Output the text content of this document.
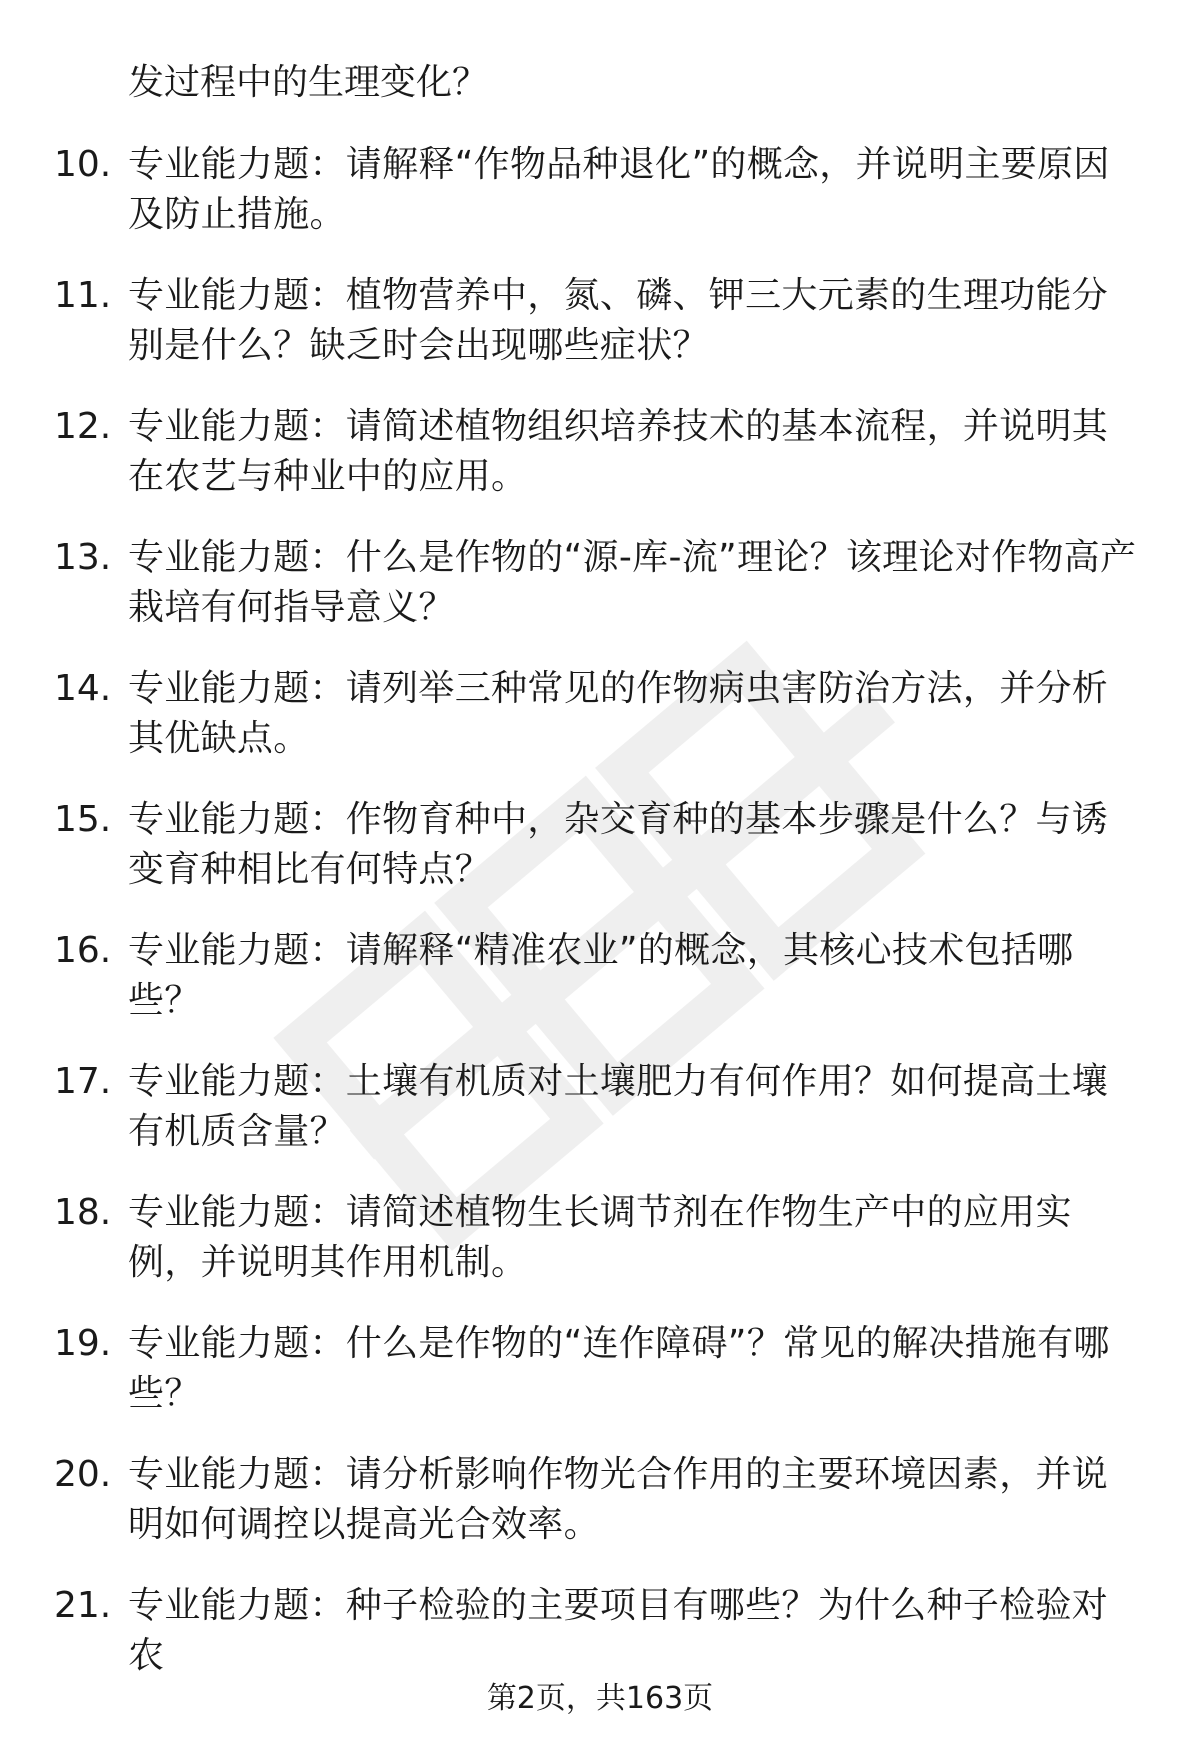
发过程中的生理变化？
10. 专业能力题：请解释“作物品种退化”的概念，并说明主要原因及防止措施。
11. 专业能力题：植物营养中，氮、磷、钾三大元素的生理功能分别是什么？缺乏时会出现哪些症状？
12. 专业能力题：请简述植物组织培养技术的基本流程，并说明其在农艺与种业中的应用。
13. 专业能力题：什么是作物的“源-库-流”理论？该理论对作物高产栽培有何指导意义？
14. 专业能力题：请列举三种常见的作物病虫害防治方法，并分析其优缺点。
15. 专业能力题：作物育种中，杂交育种的基本步骤是什么？与诱变育种相比有何特点？
16. 专业能力题：请解释“精准农业”的概念，其核心技术包括哪些？
17. 专业能力题：土壤有机质对土壤肥力有何作用？如何提高土壤有机质含量？
18. 专业能力题：请简述植物生长调节剂在作物生产中的应用实例，并说明其作用机制。
19. 专业能力题：什么是作物的“连作障碍”？常见的解决措施有哪些？
20. 专业能力题：请分析影响作物光合作用的主要环境因素，并说明如何调控以提高光合效率。
21. 专业能力题：种子检验的主要项目有哪些？为什么种子检验对农
第2页，共163页
